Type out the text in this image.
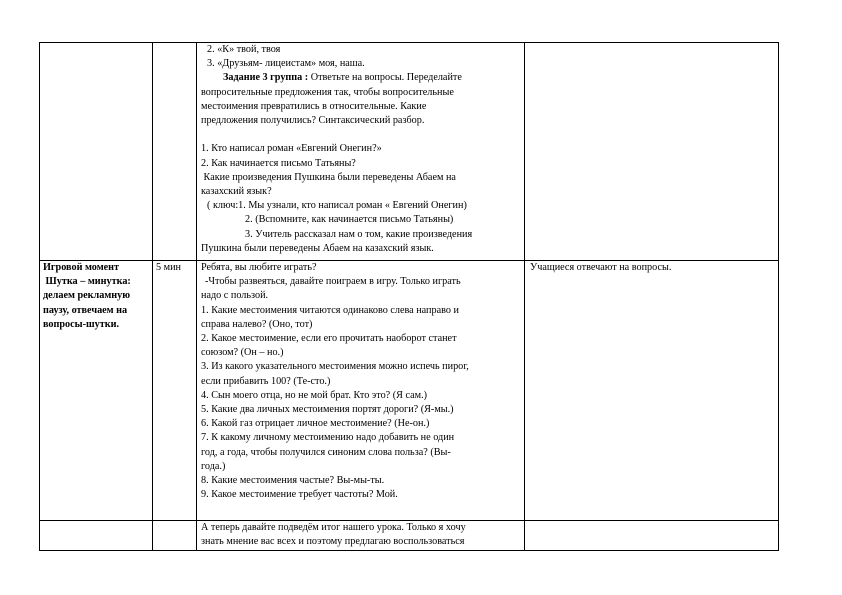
2. «К» твой, твоя

3. «Друзьям- лицеистам» моя, наша.

Задание 3 группа : Ответьте на вопросы. Переделайте

вопросительные предложения так, чтобы вопросительные

местоимения превратились в относительные. Какие

предложения получились? Синтаксический разбор.

1. Кто написал роман «Евгений Онегин?»

2. Как начинается письмо Татьяны?

Какие произведения Пушкина были переведены Абаем на

казахский язык?

( ключ:1. Мы узнали, кто написал роман « Евгений Онегин)

2. (Вспомните, как начинается письмо Татьяны)

3. Учитель рассказал нам о том, какие произведения

Пушкина были переведены Абаем на казахский язык.

Игровой момент

Шутка – минутка:

делаем рекламную

паузу, отвечаем на

вопросы-шутки.

5 мин	Ребята, вы любите играть?

-Чтобы развеяться, давайте поиграем в игру. Только играть

надо с пользой.

1. Какие местоимения читаются одинаково слева направо и

справа налево? (Оно, тот)

2. Какое местоимение, если его прочитать наоборот станет

союзом? (Он – но.)

3. Из какого указательного местоимения можно испечь пирог,

если прибавить 100? (Те-сто.)

4. Сын моего отца, но не мой брат. Кто это? (Я сам.)

5. Какие два личных местоимения портят дороги? (Я-мы.)

6. Какой газ отрицает личное местоимение? (Не-он.)

7. К какому личному местоимению надо добавить не один

год, а года, чтобы получился синоним слова польза? (Вы-

года.)

8. Какие местоимения частые? Вы-мы-ты.

9. Какое местоимение требует частоты? Мой.

Учащиеся отвечают на вопросы.

А теперь давайте подведём итог нашего урока. Только я хочу

знать мнение вас всех и поэтому предлагаю воспользоваться
